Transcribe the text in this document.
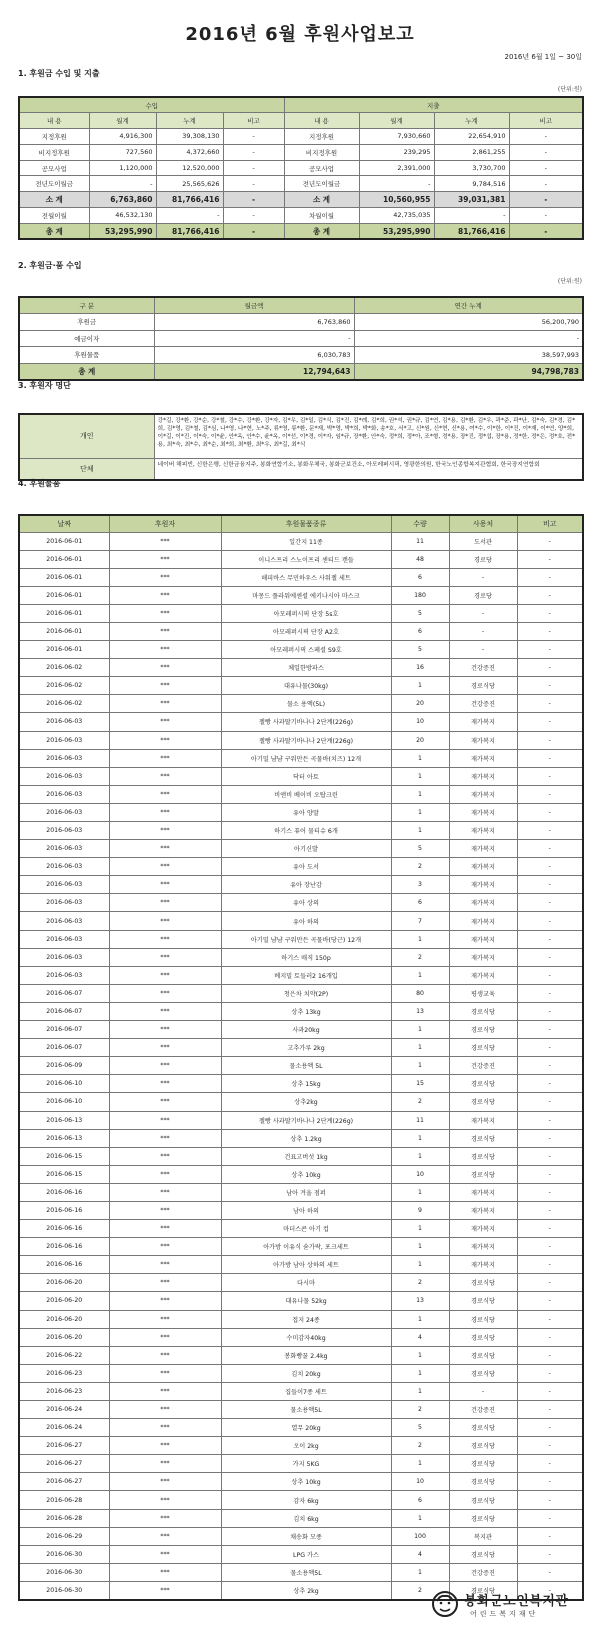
2016년 6월 후원사업보고
2016년 6월 1일 ~ 30일
1. 후원금 수입 및 지출
(단위:원)
수입				지출			
내 용	월계	누계	비고	내 용	월계	누계	비고
지정후원	4,916,300	39,308,130	-	지정후원	7,930,660	22,654,910	-
비지정후원	727,560	4,372,660	-	비지정후원	239,295	2,861,255	-
공모사업	1,120,000	12,520,000	-	공모사업	2,391,000	3,730,700	-
전년도이월금	-	25,565,626	-	전년도이월금	-	9,784,516	-
소 계	6,763,860	81,766,416	-	소 계	10,560,955	39,031,381	-
전월이월	46,532,130	-	-	차월이월	42,735,035	-	-
총 계	53,295,990	81,766,416	-	총 계	53,295,990	81,766,416	-
2. 후원금·품 수입
(단위:원)
구 분	월금액	연간 누계
후원금	6,763,860	56,200,790
예금이자	-	-
후원물품	6,030,783	38,597,993
총 계	12,794,643	94,798,783
3. 후원자 명단
개인	강*길, 강*환, 강*순, 강*철, 강*수, 강*환, 강*자, 김*우, 김*일, 김*식, 김*진, 김*례, 김*희, 권*석, 권*규, 김*연, 김*용, 김*환, 김*우, 곽*준, 곽*난, 김*숙, 김*경, 김*희, 김*영, 김*철, 김*심, 나*영, 나*현, 노*주, 류*영, 류*환, 문*재, 박*영, 박*희, 박*화, 송*호, 서*고, 신*원, 신*현, 신*용, 여*수, 이*한, 이*진, 이*재, 이*연, 양*희, 이*길, 이*진, 이*숙, 이*윤, 안*옥, 안*수, 윤*옥, 이*선, 이*경, 이*자, 임*규, 장*환, 안*숙, 정*희, 정*아, 조*형, 정*용, 장*진, 정*섭, 장*용, 정*한, 정*은, 정*호, 전*용, 최*숙, 최*수, 최*순, 최*희, 최*환, 최*우, 최*길, 최*식
단체	네이버 해피빈, 신한은행, 신한금융지주, 봉화연합기소, 봉화우체국, 봉화군보건소, 아모레퍼시픽, 영광한의원, 한국노인종합복지관협회, 한국장지연합회
4. 후원물품
날짜	후원자	후원물품종류	수량	사용처	비고
2016-06-01	***	일간지 11종	11	도서관	-
2016-06-01	***	이니스프리 스노이프리 센티드 캔들	48	경로당	-
2016-06-01	***	해피바스 무민하우스 사워젤 세트	6	-	-
2016-06-01	***	마몽드 플라워에센셜 에키나시아 마스크	180	경로당	-
2016-06-01	***	아모레퍼시픽 단장 5s호	5	-	-
2016-06-01	***	아모레퍼시픽 단장 A2호	6	-	-
2016-06-01	***	아모레퍼시픽 스페셜 S9호	5	-	-
2016-06-02	***	체일한방파스	16	건강증진	-
2016-06-02	***	대유나물(30kg)	1	경로식당	-
2016-06-02	***	물소 용액(5L)	20	건강증진	-
2016-06-03	***	젤빵 사과딸기바나나 2단계(226g)	10	재가복지	-
2016-06-03	***	젤빵 사과딸기바나나 2단계(226g)	20	재가복지	-
2016-06-03	***	아기밀 냠냠 구워만든 곡물바(치즈) 12개	1	재가복지	-
2016-06-03	***	닥터 아토	1	재가복지	-
2016-06-03	***	비앤비 베이비 오탑크린	1	재가복지	-
2016-06-03	***	유아 양말	1	재가복지	-
2016-06-03	***	하기스 퓨어 물티슈 6개	1	재가복지	-
2016-06-03	***	아기신발	5	재가복지	-
2016-06-03	***	유아 도서	2	재가복지	-
2016-06-03	***	유아 장난감	3	재가복지	-
2016-06-03	***	유아 상의	6	재가복지	-
2016-06-03	***	유아 하의	7	재가복지	-
2016-06-03	***	아기밀 냠냠 구워만든 곡물바(당근) 12개	1	재가복지	-
2016-06-03	***	하기스 매직 150p	2	재가복지	-
2016-06-03	***	베지밀 토들러2 16개입	1	재가복지	-
2016-06-07	***	청은차 치약(2P)	80	평생교육	-
2016-06-07	***	상추 13kg	13	경로식당	-
2016-06-07	***	사과20kg	1	경로식당	-
2016-06-07	***	고추가루 2kg	1	경로식당	-
2016-06-09	***	물소용액 5L	1	건강증진	-
2016-06-10	***	상추 15kg	15	경로식당	-
2016-06-10	***	상추2kg	2	경로식당	-
2016-06-13	***	젤빵 사과딸기바나나 2단계(226g)	11	재가복지	-
2016-06-13	***	상추 1.2kg	1	경로식당	-
2016-06-15	***	건표고버섯 1kg	1	경로식당	-
2016-06-15	***	상추 10kg	10	경로식당	-
2016-06-16	***	남아 겨울 점퍼	1	재가복지	-
2016-06-16	***	남아 하의	9	재가복지	-
2016-06-16	***	마더스콘 아기 컵	1	재가복지	-
2016-06-16	***	아가방 이유식 숟가락, 포크세트	1	재가복지	-
2016-06-16	***	아가방 남아 상하의 세트	1	재가복지	-
2016-06-20	***	다시마	2	경로식당	-
2016-06-20	***	대유나물 52kg	13	경로식당	-
2016-06-20	***	접지 24종	1	경로식당	-
2016-06-20	***	수미감자40kg	4	경로식당	-
2016-06-22	***	봉화빵꿀 2.4kg	1	경로식당	-
2016-06-23	***	김치 20kg	1	경로식당	-
2016-06-23	***	집들이7종 세트	1	-	-
2016-06-24	***	물소용액5L	2	건강증진	-
2016-06-24	***	열무 20kg	5	경로식당	-
2016-06-27	***	오이 2kg	2	경로식당	-
2016-06-27	***	가지 5KG	1	경로식당	-
2016-06-27	***	상추 10kg	10	경로식당	-
2016-06-28	***	감자 6kg	6	경로식당	-
2016-06-28	***	김치 6kg	1	경로식당	-
2016-06-29	***	채송화 모종	100	복지관	-
2016-06-30	***	LPG 가스	4	경로식당	-
2016-06-30	***	물소용액5L	1	건강증진	-
2016-06-30	***	상추 2kg	2	경로식당	-
봉화군노인복지관
어린드복지재단
